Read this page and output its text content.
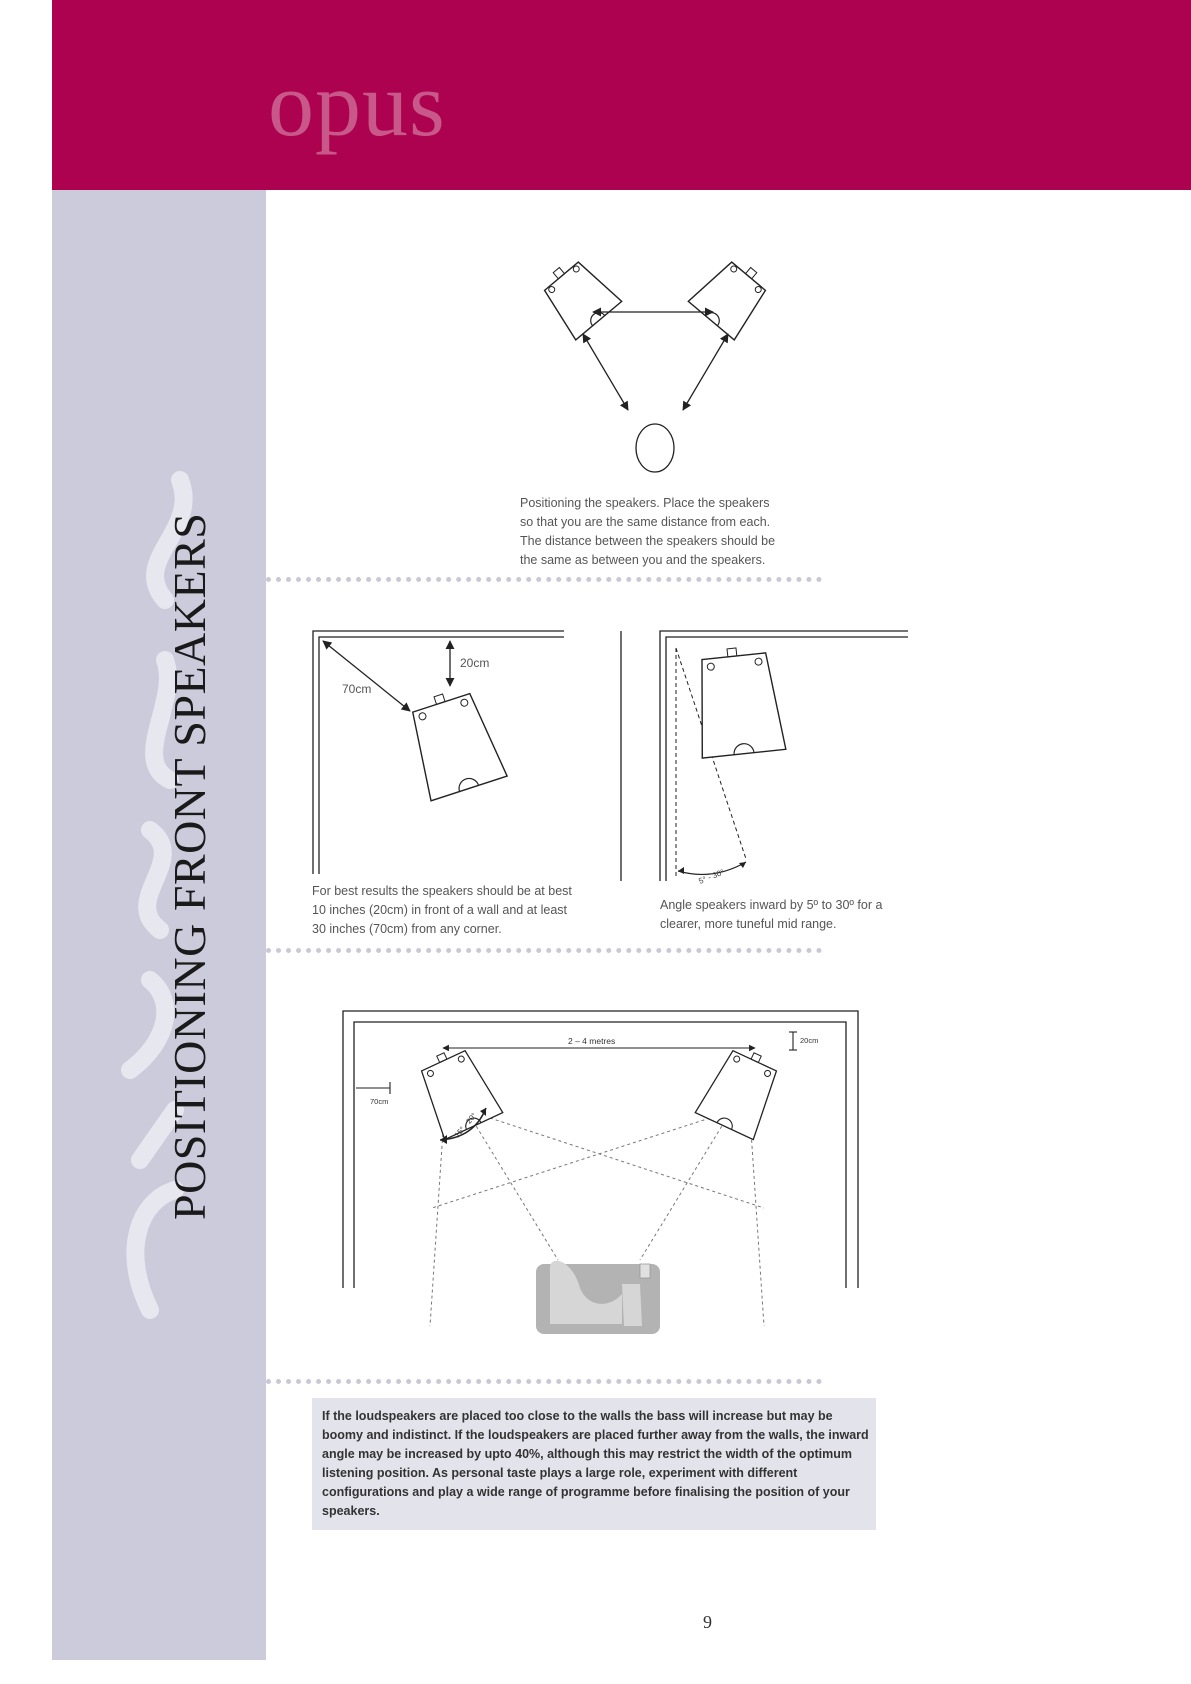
opus
POSITIONING FRONT SPEAKERS
Positioning the speakers. Place the speakers so that you are the same distance from each. The distance between the speakers should be the same as between you and the speakers.
20cm
70cm
For best results the speakers should be at best 10 inches (20cm) in front of a wall and at least 30 inches (70cm) from any corner.
5° - 30°
Angle speakers inward by 5º to 30º for a clearer, more tuneful mid range.
2 – 4 metres	20cm
70cm
15° - 20°
If the loudspeakers are placed too close to the walls the bass will increase but may be boomy and indistinct. If the loudspeakers are placed further away from the walls, the inward angle may be increased by upto 40%, although this may restrict the width of the optimum listening position. As personal taste plays a large role, experiment with different configurations and play a wide range of programme before finalising the position of your speakers.
9
